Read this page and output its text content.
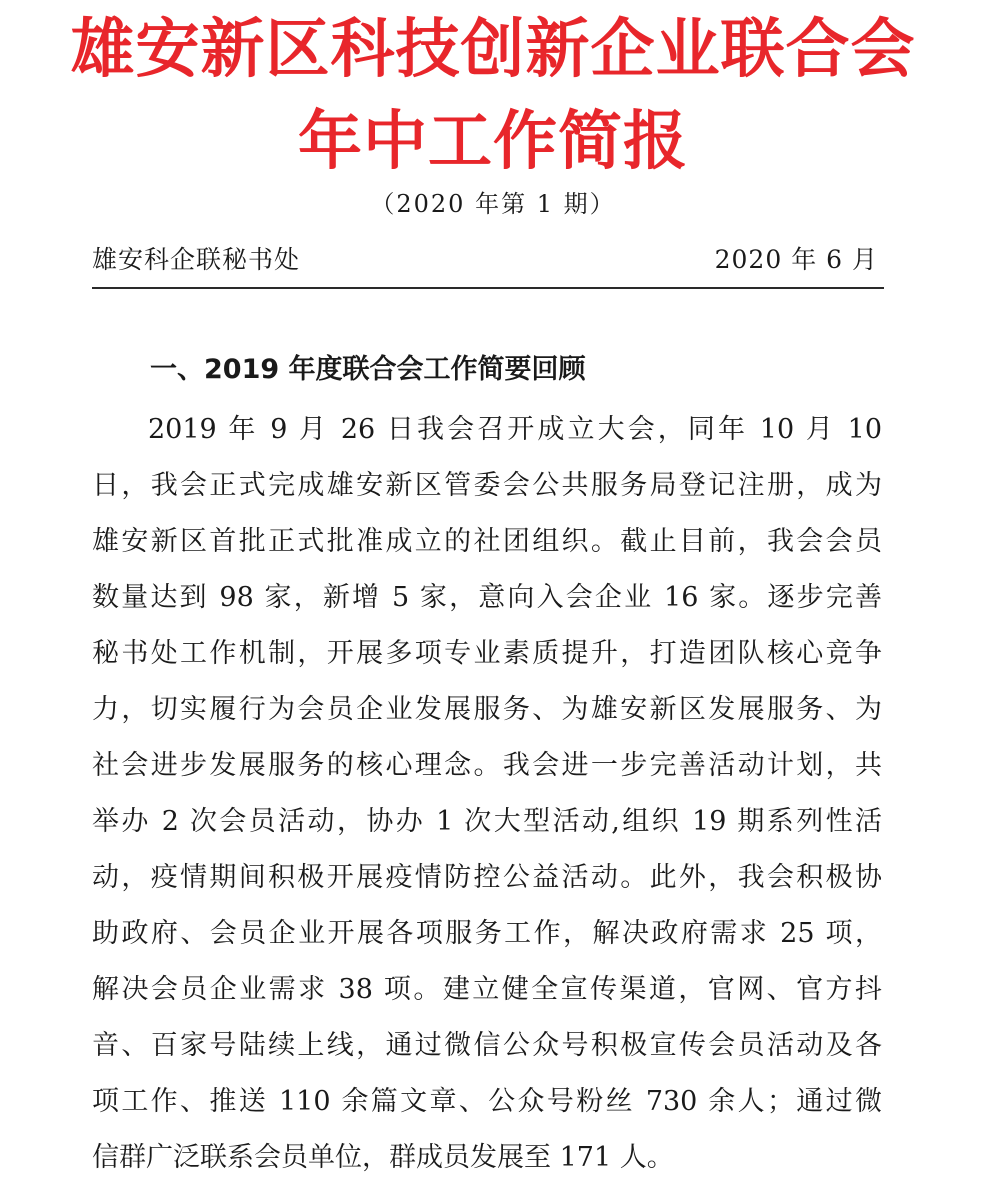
雄安新区科技创新企业联合会
年中工作简报
（2020 年第 1 期）
雄安科企联秘书处	2020 年 6 月
一、2019 年度联合会工作简要回顾
2019 年 9 月 26 日我会召开成立大会，同年 10 月 10
日，我会正式完成雄安新区管委会公共服务局登记注册，成为
雄安新区首批正式批准成立的社团组织。截止目前，我会会员
数量达到 98 家，新增 5 家，意向入会企业 16 家。逐步完善
秘书处工作机制，开展多项专业素质提升，打造团队核心竞争
力，切实履行为会员企业发展服务、为雄安新区发展服务、为
社会进步发展服务的核心理念。我会进一步完善活动计划，共
举办 2 次会员活动，协办 1 次大型活动,组织 19 期系列性活
动，疫情期间积极开展疫情防控公益活动。此外，我会积极协
助政府、会员企业开展各项服务工作，解决政府需求 25 项，
解决会员企业需求 38 项。建立健全宣传渠道，官网、官方抖
音、百家号陆续上线，通过微信公众号积极宣传会员活动及各
项工作、推送 110 余篇文章、公众号粉丝 730 余人；通过微
信群广泛联系会员单位，群成员发展至 171 人。
